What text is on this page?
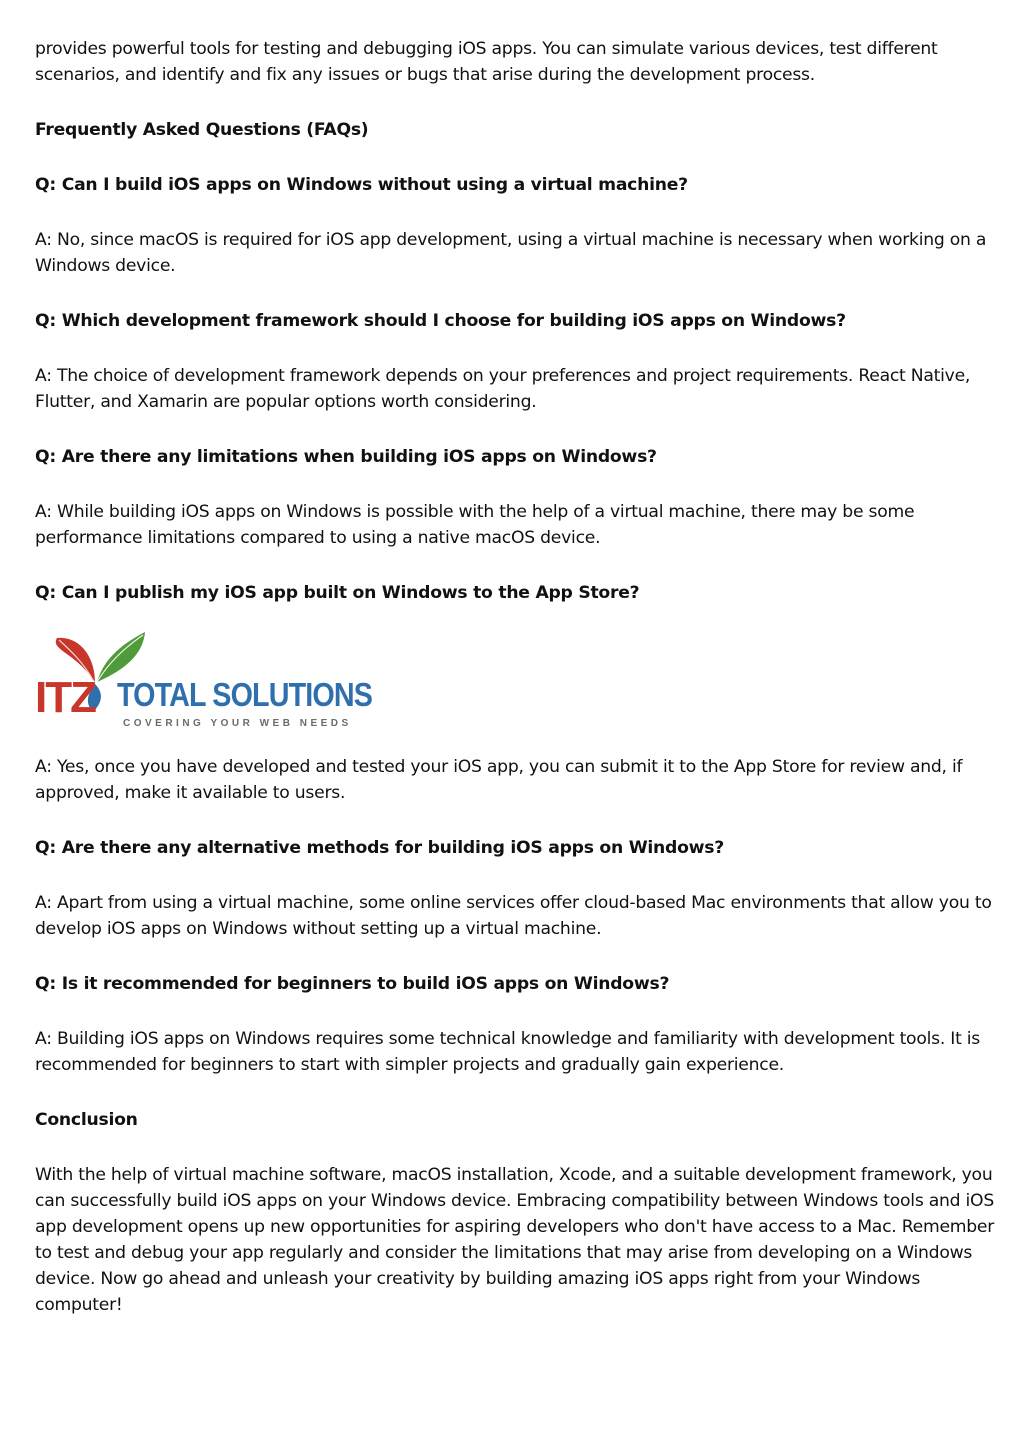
provides powerful tools for testing and debugging iOS apps. You can simulate various devices, test different scenarios, and identify and fix any issues or bugs that arise during the development process.

Frequently Asked Questions (FAQs)

Q: Can I build iOS apps on Windows without using a virtual machine?

A: No, since macOS is required for iOS app development, using a virtual machine is necessary when working on a Windows device.

Q: Which development framework should I choose for building iOS apps on Windows?

A: The choice of development framework depends on your preferences and project requirements. React Native, Flutter, and Xamarin are popular options worth considering.

Q: Are there any limitations when building iOS apps on Windows?

A: While building iOS apps on Windows is possible with the help of a virtual machine, there may be some performance limitations compared to using a native macOS device.

Q: Can I publish my iOS app built on Windows to the App Store?

ITZ TOTAL SOLUTIONS
COVERING YOUR WEB NEEDS

A: Yes, once you have developed and tested your iOS app, you can submit it to the App Store for review and, if approved, make it available to users.

Q: Are there any alternative methods for building iOS apps on Windows?

A: Apart from using a virtual machine, some online services offer cloud-based Mac environments that allow you to develop iOS apps on Windows without setting up a virtual machine.

Q: Is it recommended for beginners to build iOS apps on Windows?

A: Building iOS apps on Windows requires some technical knowledge and familiarity with development tools. It is recommended for beginners to start with simpler projects and gradually gain experience.

Conclusion

With the help of virtual machine software, macOS installation, Xcode, and a suitable development framework, you can successfully build iOS apps on your Windows device. Embracing compatibility between Windows tools and iOS app development opens up new opportunities for aspiring developers who don't have access to a Mac. Remember to test and debug your app regularly and consider the limitations that may arise from developing on a Windows device. Now go ahead and unleash your creativity by building amazing iOS apps right from your Windows computer!
